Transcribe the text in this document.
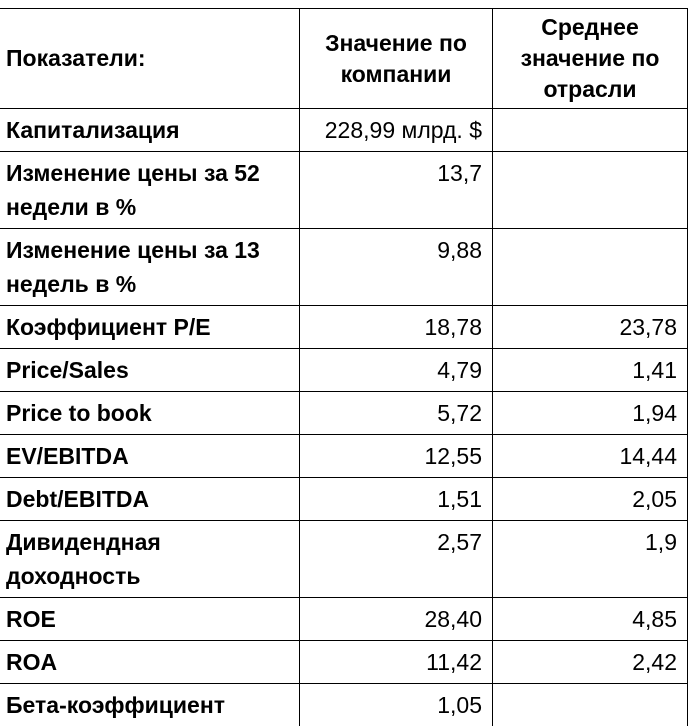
Показатели:	Значение по компании	Среднее значение по отрасли
Капитализация	228,99 млрд. $	
Изменение цены за 52 недели в %	13,7	
Изменение цены за 13 недель в %	9,88	
Коэффициент P/E	18,78	23,78
Price/Sales	4,79	1,41
Price to book	5,72	1,94
EV/EBITDA	12,55	14,44
Debt/EBITDA	1,51	2,05
Дивидендная доходность	2,57	1,9
ROE	28,40	4,85
ROA	11,42	2,42
Бета-коэффициент	1,05	
